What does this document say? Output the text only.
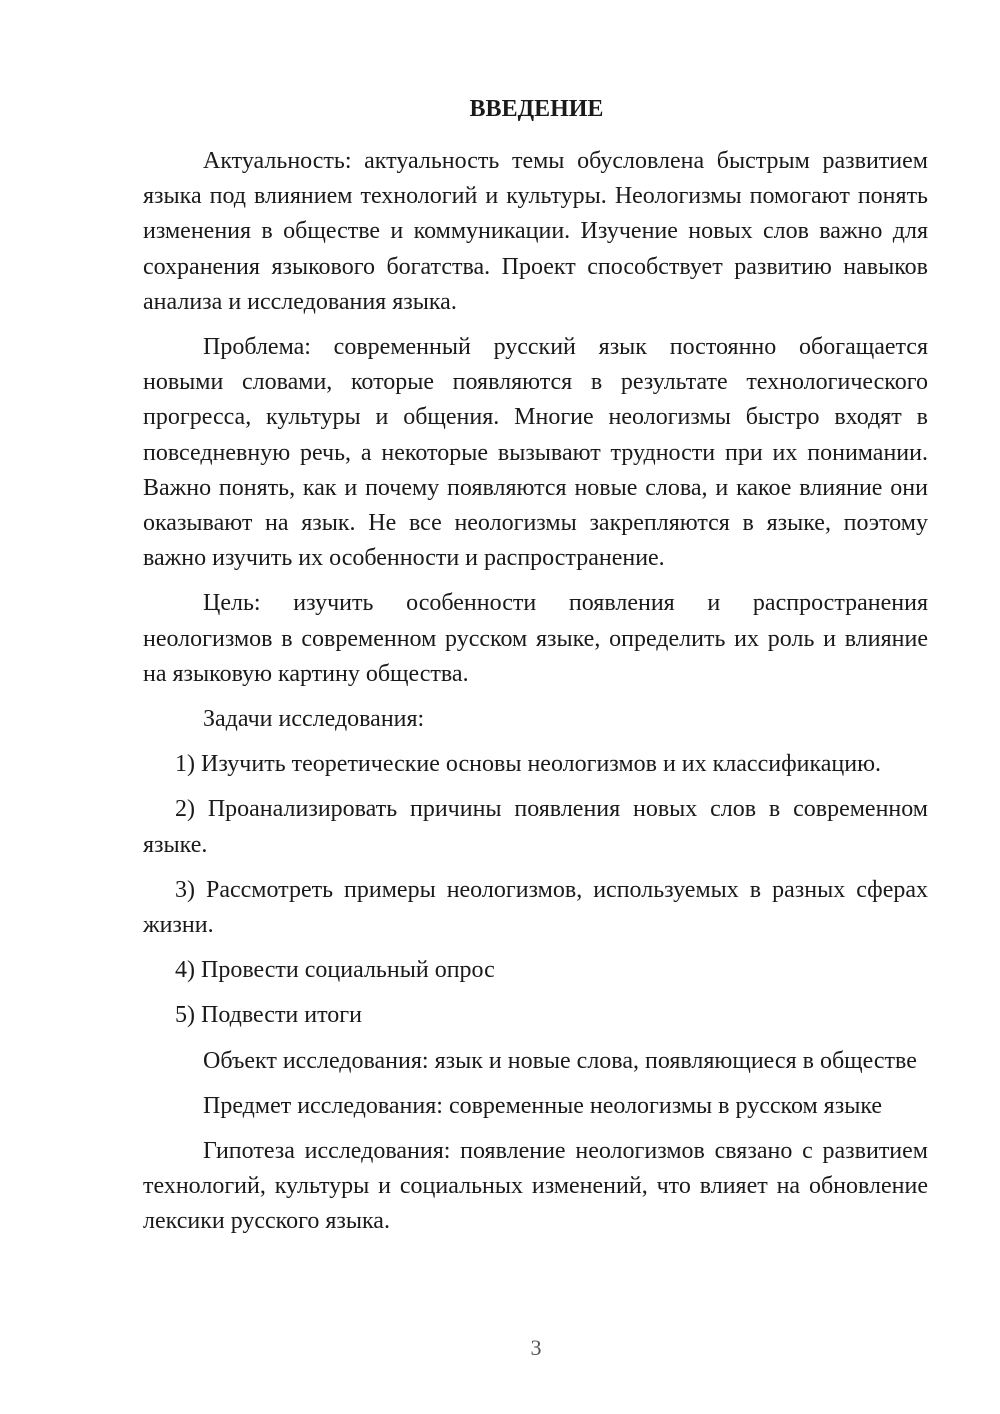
ВВЕДЕНИЕ

Актуальность: актуальность темы обусловлена быстрым развитием языка под влиянием технологий и культуры. Неологизмы помогают понять изменения в обществе и коммуникации. Изучение новых слов важно для сохранения языкового богатства. Проект способствует развитию навыков анализа и исследования языка.

Проблема: современный русский язык постоянно обогащается новыми словами, которые появляются в результате технологического прогресса, культуры и общения. Многие неологизмы быстро входят в повседневную речь, а некоторые вызывают трудности при их понимании. Важно понять, как и почему появляются новые слова, и какое влияние они оказывают на язык. Не все неологизмы закрепляются в языке, поэтому важно изучить их особенности и распространение.

Цель: изучить особенности появления и распространения неологизмов в современном русском языке, определить их роль и влияние на языковую картину общества.

Задачи исследования:

1) Изучить теоретические основы неологизмов и их классификацию.

2) Проанализировать причины появления новых слов в современном языке.

3) Рассмотреть примеры неологизмов, используемых в разных сферах жизни.

4) Провести социальный опрос

5) Подвести итоги

Объект исследования: язык и новые слова, появляющиеся в обществе

Предмет исследования: современные неологизмы в русском языке

Гипотеза исследования: появление неологизмов связано с развитием технологий, культуры и социальных изменений, что влияет на обновление лексики русского языка.

3
